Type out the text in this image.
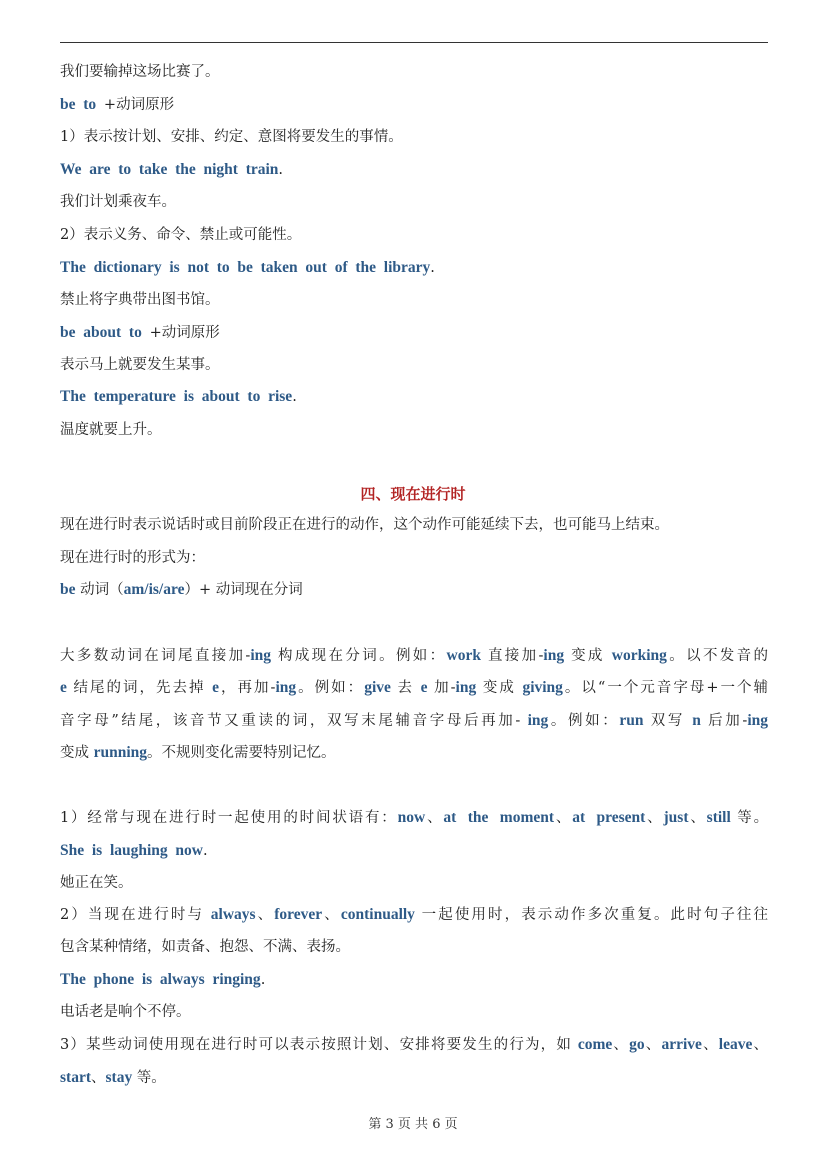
我们要输掉这场比赛了。
be  to  +动词原形
1）表示按计划、安排、约定、意图将要发生的事情。
We  are  to  take  the  night  train.
我们计划乘夜车。
2）表示义务、命令、禁止或可能性。
The  dictionary  is  not  to  be  taken  out  of  the  library.
禁止将字典带出图书馆。
be  about  to  +动词原形
表示马上就要发生某事。
The  temperature  is  about  to  rise.
温度就要上升。
现在进行时表示说话时或目前阶段正在进行的动作，这个动作可能延续下去，也可能马上结束。
现在进行时的形式为：
be 动词（am/is/are）+ 动词现在分词
大多数动词在词尾直接加-ing 构成现在分词。例如：work 直接加-ing 变成 working。以不发音的
e 结尾的词，先去掉 e，再加-ing。例如：give 去 e 加-ing 变成 giving。以“一个元音字母+一个辅
音字母”结尾，该音节又重读的词，双写末尾辅音字母后再加- ing。例如：run 双写 n 后加-ing
变成 running。不规则变化需要特别记忆。
1）经常与现在进行时一起使用的时间状语有：now、at  the  moment、at  present、just、still 等。
She  is  laughing  now.
她正在笑。
2）当现在进行时与 always、forever、continually 一起使用时，表示动作多次重复。此时句子往往
包含某种情绪，如责备、抱怨、不满、表扬。
The  phone  is  always  ringing.
电话老是响个不停。
3）某些动词使用现在进行时可以表示按照计划、安排将要发生的行为，如 come、go、arrive、leave、
start、stay 等。
四、现在进行时
第 3 页 共 6 页
